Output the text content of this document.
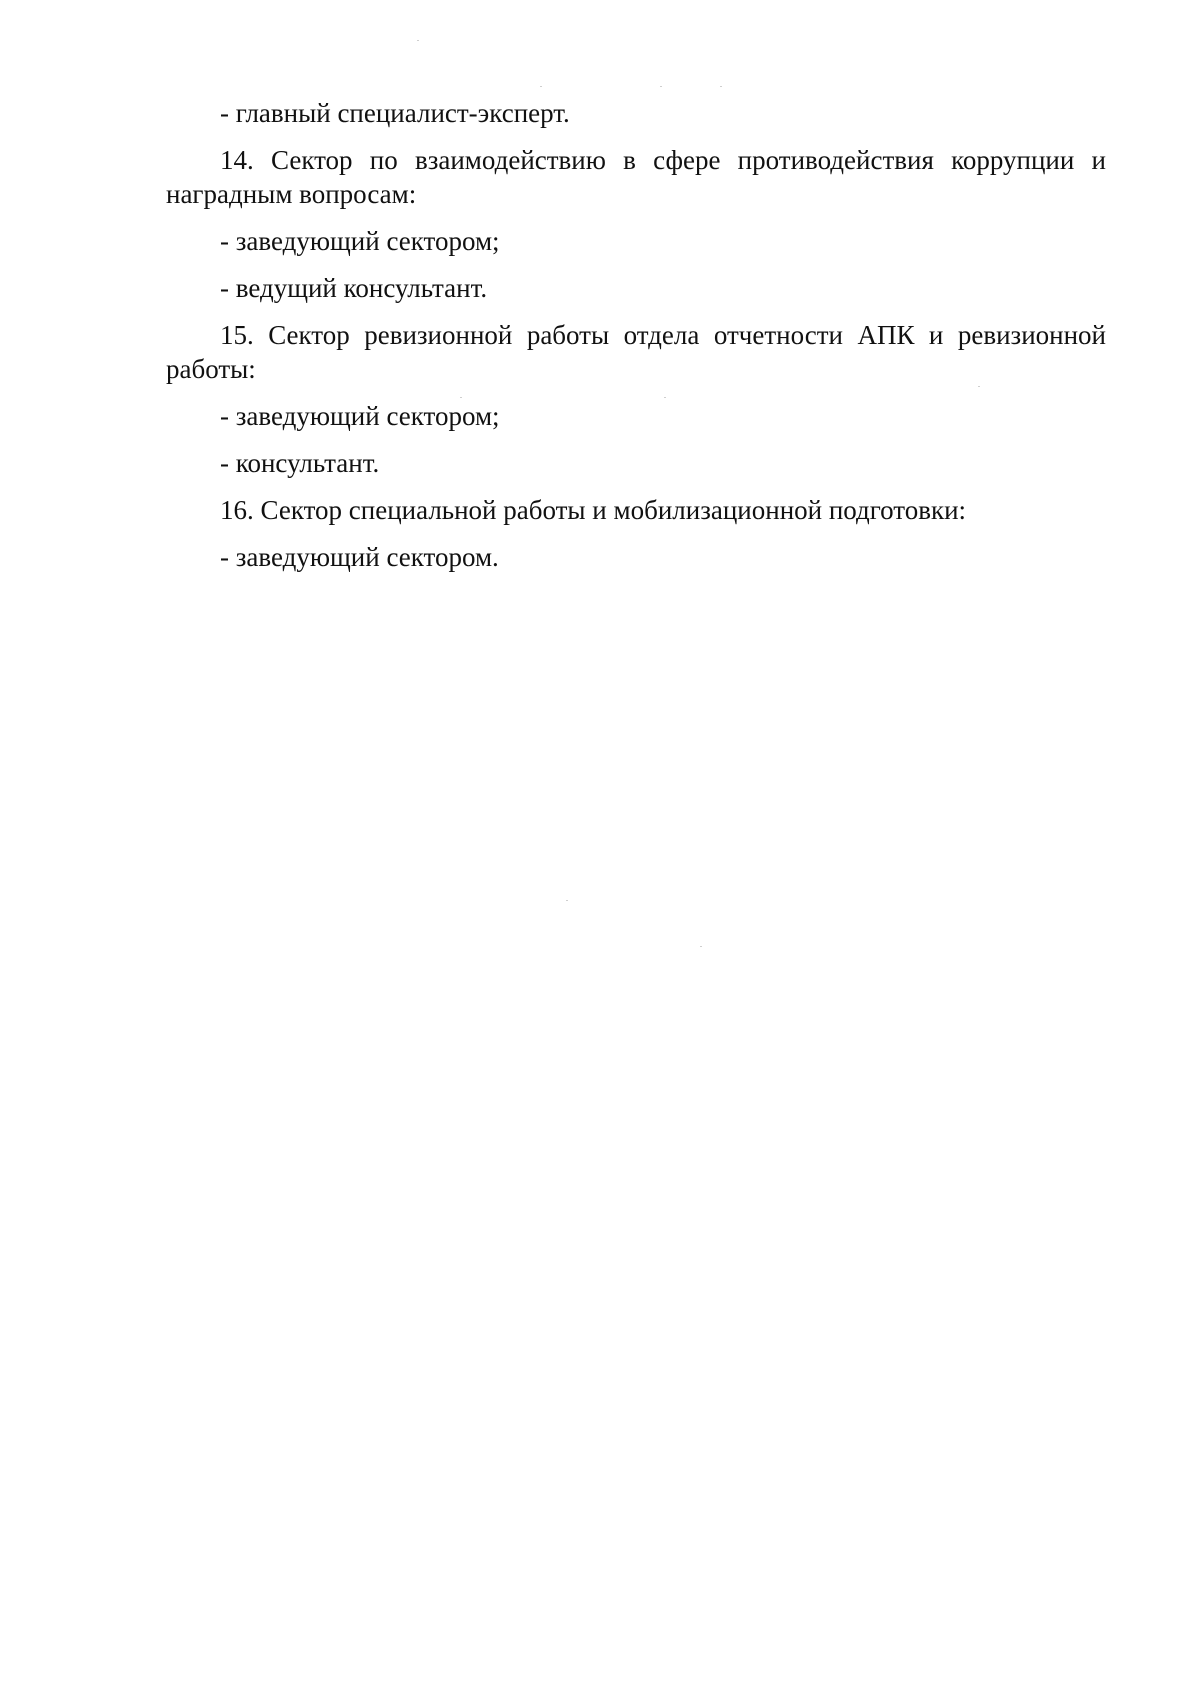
- главный специалист-эксперт.

14. Сектор по взаимодействию в сфере противодействия коррупции и
наградным вопросам:

- заведующий сектором;

- ведущий консультант.

15. Сектор ревизионной работы отдела отчетности АПК и ревизионной
работы:

- заведующий сектором;

- консультант.

16. Сектор специальной работы и мобилизационной подготовки:

- заведующий сектором.
